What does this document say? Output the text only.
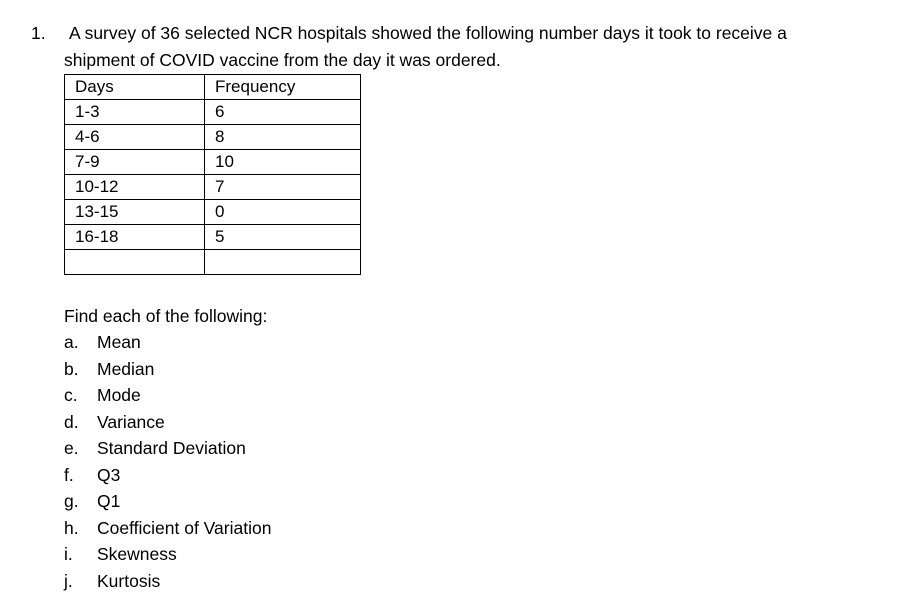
1. A survey of 36 selected NCR hospitals showed the following number days it took to receive a
shipment of COVID vaccine from the day it was ordered.
Days	Frequency
1-3	6
4-6	8
7-9	10
10-12	7
13-15	0
16-18	5

Find each of the following:
a. Mean
b. Median
c. Mode
d. Variance
e. Standard Deviation
f. Q3
g. Q1
h. Coefficient of Variation
i. Skewness
j. Kurtosis
